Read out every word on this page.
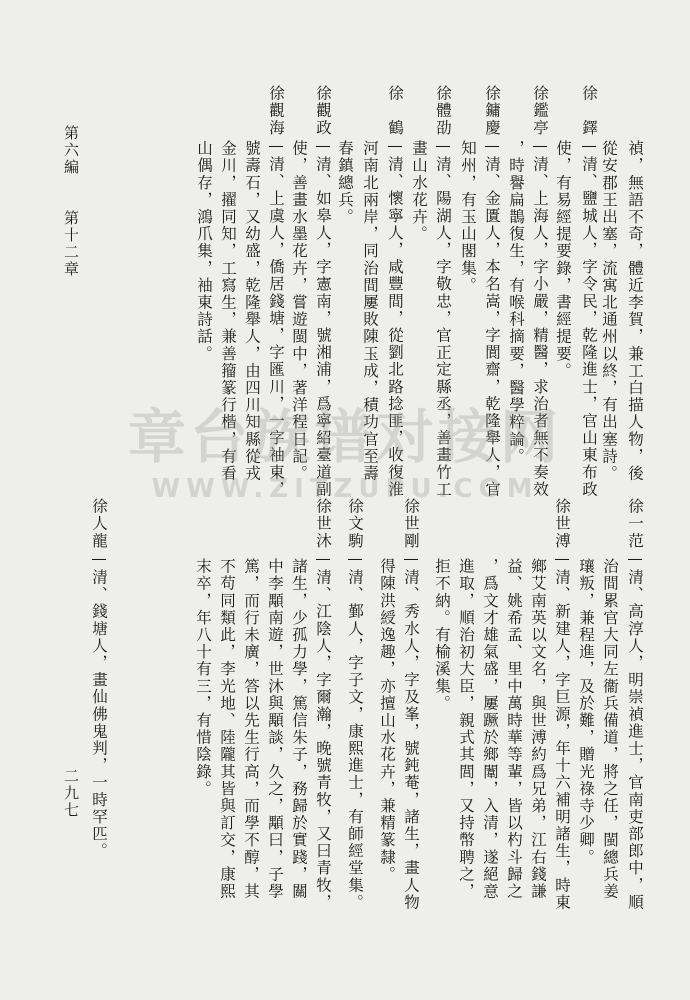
第六編
第十二章
二九七
禎，無語不奇，體近李賀，兼工白描人物，後
從安郡王出塞，流寓北通州以終，有出塞詩。
徐　鐸—清、鹽城人，字令民，乾隆進士，官山東布政
使，有易經提要錄，書經提要。
徐鑑亭—清、上海人，字小嚴，精醫，求治者無不奏效
，時譽扁鵲復生，有喉科摘要，醫學粹論。
徐鏞慶—清、金匱人，本名嵩，字閬齋，乾隆舉人，官
知州，有玉山閣集。
徐體劭—清、陽湖人，字敬忠，官正定縣丞，善畫竹工
畫山水花卉。
徐　鶴—清、懷寧人，咸豐間，從劉北路捻匪，收復淮
河南北兩岸，同治間屢敗陳玉成，積功官至壽
春鎮總兵。
徐觀政—清、如皋人，字憲南，號湘浦，爲寧紹臺道副
使，善畫水墨花卉，嘗遊閩中，著洋程日記。
徐觀海—清、上虞人，僑居錢塘，字匯川，一字袖東，
號壽石，又幼盛，乾隆舉人，由四川知縣從戎
金川，擢同知，工寫生，兼善籀篆行楷，有看
山偶存，鴻爪集，袖東詩話。
徐一范—清、高淳人，明崇禎進士，官南吏部郎中，順
治間累官大同左衞兵備道，將之任，閩總兵姜
瓖叛，兼程進，及於難，贈光祿寺少卿。
徐世溥—清、新建人，字巨源，年十六補明諸生，時東
鄉艾南英以文名，與世溥約爲兄弟，江右錢謙
益、姚希孟、里中萬時華等輩，皆以杓斗歸之
，爲文才雄氣盛，屢蹶於鄉闈，入清，遂絕意
進取，順治初大臣，親式其閭，又持幣聘之，
拒不納。有榆溪集。
徐世剛—清、秀水人，字及峯，號鈍菴，諸生，畫人物
得陳洪綬逸趣，亦擅山水花卉，兼精篆隸。
徐文駒—清、鄞人，字子文，康熙進士，有師經堂集。
徐世沐—清、江陰人，字爾瀚，晚號青牧，又曰青牧，
諸生，少孤力學，篤信朱子，務歸於實踐，關
中李顒南遊，世沐與顒談，久之，顒曰，子學
篤，而行未廣，答以先生行高，而學不醇，其
不苟同類此，李光地、陸隴其皆與訂交，康熙
末卒，年八十有三，有惜陰錄。
徐人龍—清、錢塘人，畫仙佛鬼判，一時罕匹。
章台族谱对接网
WWW.ZITZUPU.COM
